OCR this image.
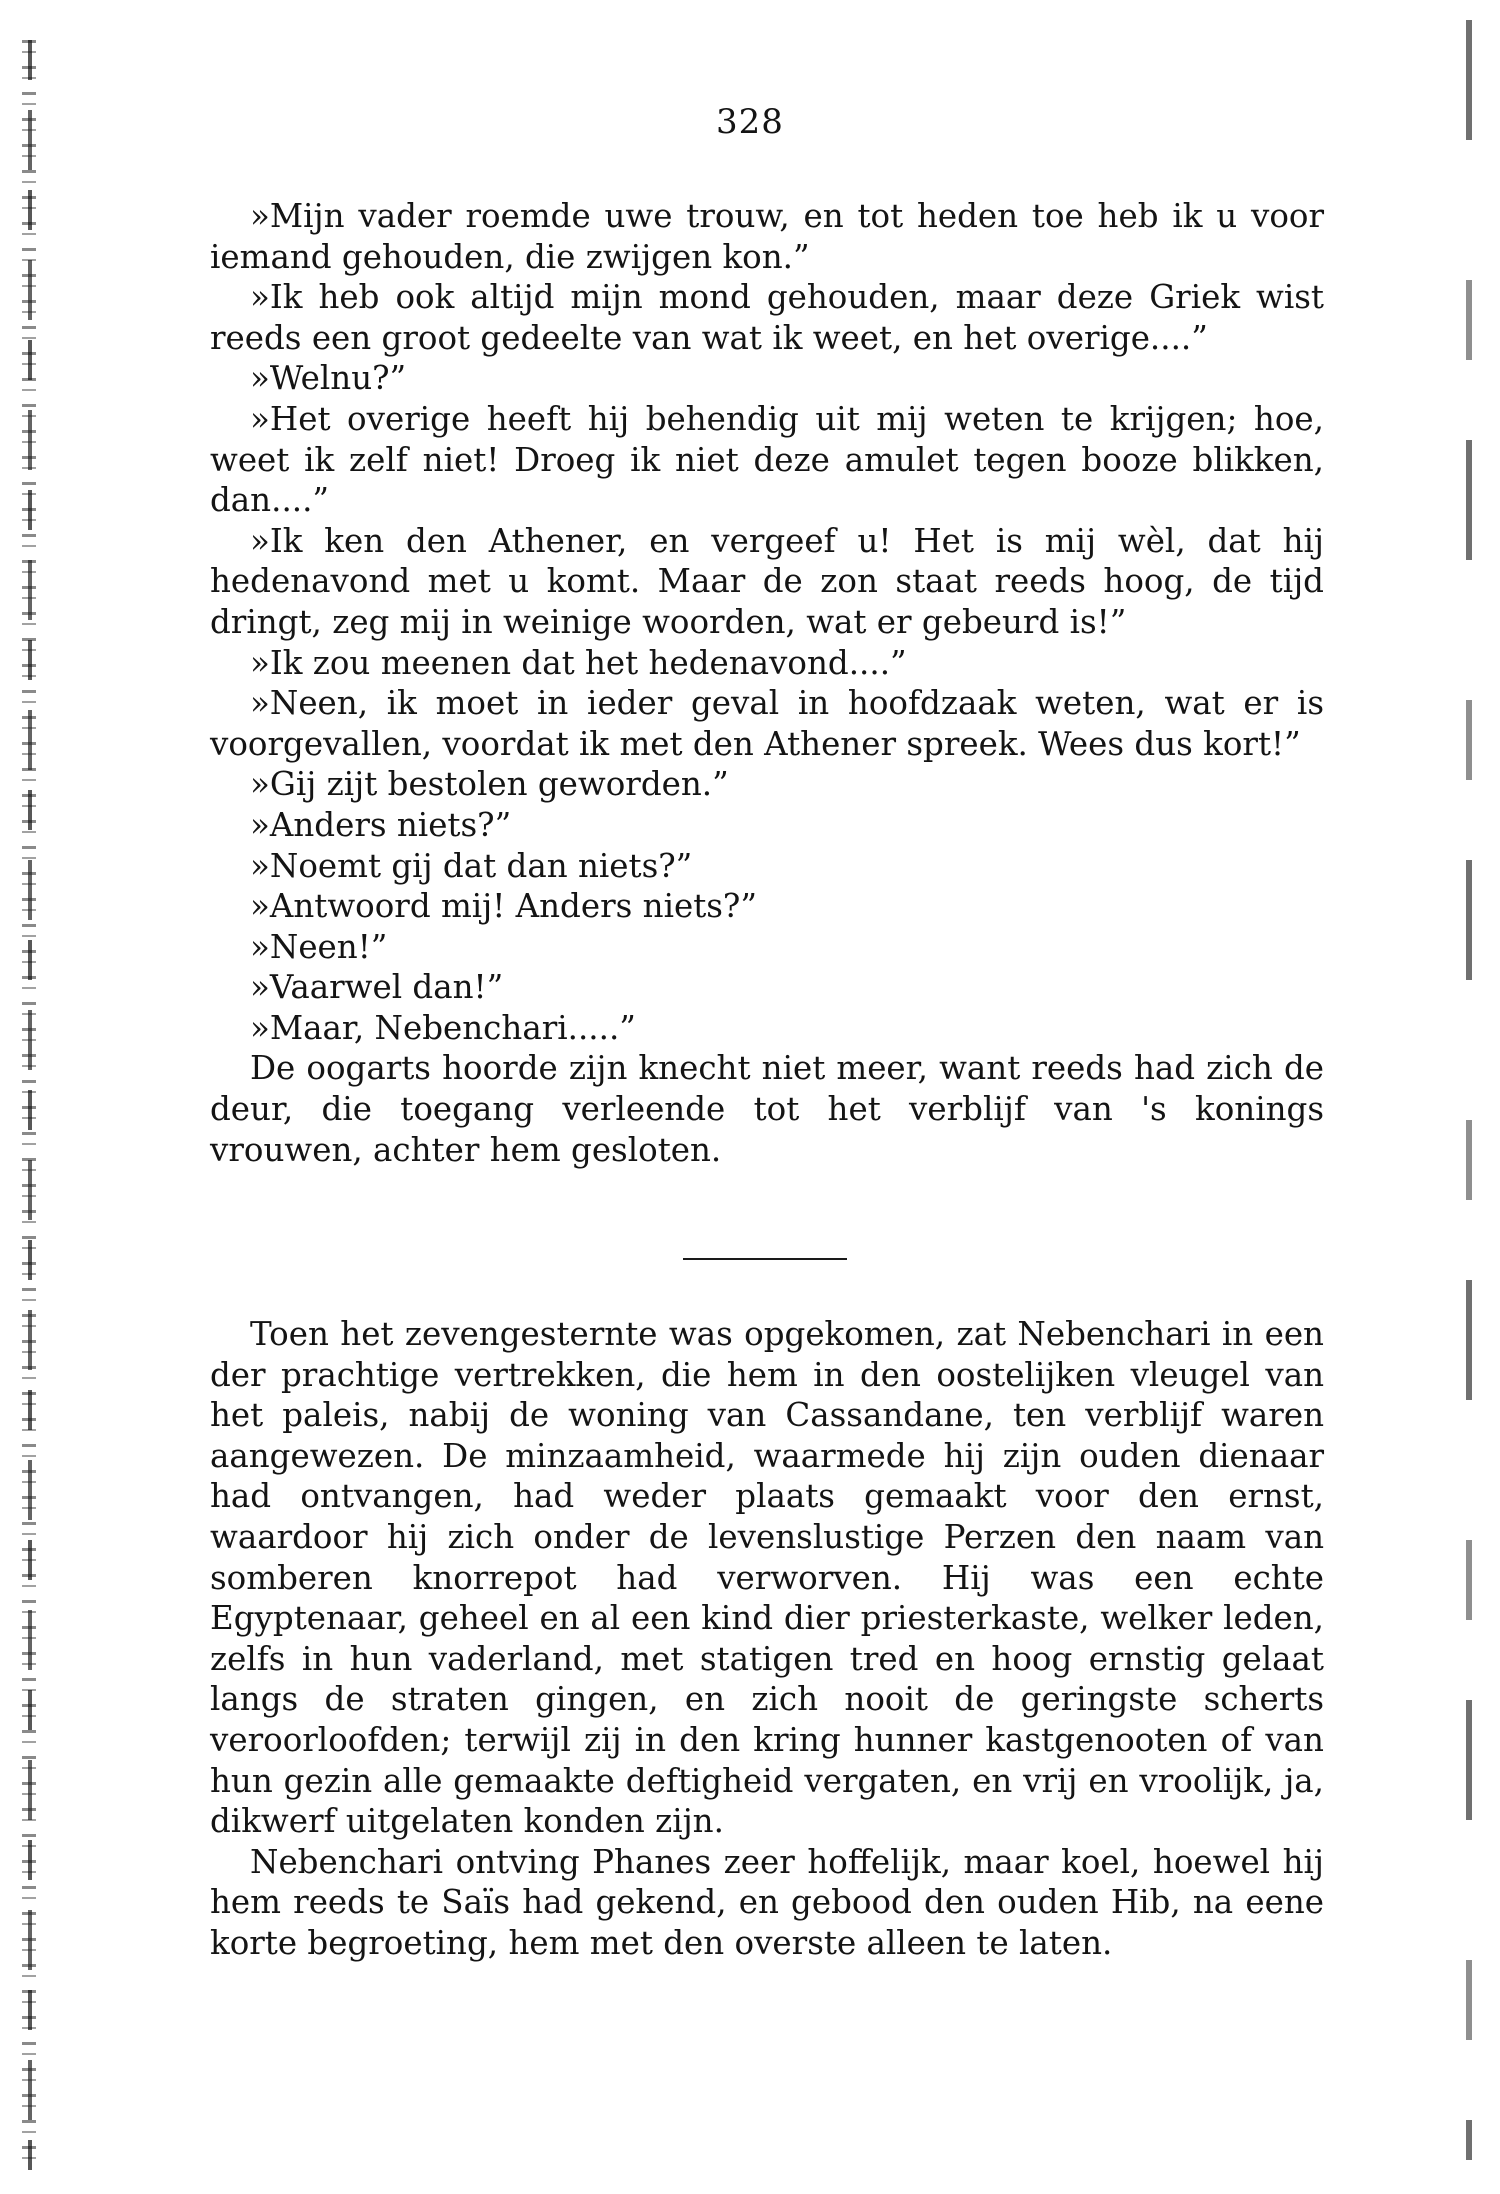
328

»Mijn vader roemde uwe trouw, en tot heden toe heb ik u voor iemand gehouden, die zwijgen kon.”

»Ik heb ook altijd mijn mond gehouden, maar deze Griek wist reeds een groot gedeelte van wat ik weet, en het overige....”

»Welnu?”

»Het overige heeft hij behendig uit mij weten te krijgen; hoe, weet ik zelf niet! Droeg ik niet deze amulet tegen booze blikken, dan....”

»Ik ken den Athener, en vergeef u! Het is mij wèl, dat hij hedenavond met u komt. Maar de zon staat reeds hoog, de tijd dringt, zeg mij in weinige woorden, wat er gebeurd is!”

»Ik zou meenen dat het hedenavond....”

»Neen, ik moet in ieder geval in hoofdzaak weten, wat er is voorgevallen, voordat ik met den Athener spreek. Wees dus kort!”

»Gij zijt bestolen geworden.”

»Anders niets?”

»Noemt gij dat dan niets?”

»Antwoord mij! Anders niets?”

»Neen!”

»Vaarwel dan!”

»Maar, Nebenchari.....”

De oogarts hoorde zijn knecht niet meer, want reeds had zich de deur, die toegang verleende tot het verblijf van 's konings vrouwen, achter hem gesloten.

Toen het zevengesternte was opgekomen, zat Nebenchari in een der prachtige vertrekken, die hem in den oostelijken vleugel van het paleis, nabij de woning van Cassandane, ten verblijf waren aangewezen. De minzaamheid, waarmede hij zijn ouden dienaar had ontvangen, had weder plaats gemaakt voor den ernst, waardoor hij zich onder de levenslustige Perzen den naam van somberen knorrepot had verworven. Hij was een echte Egyptenaar, geheel en al een kind dier priesterkaste, welker leden, zelfs in hun vaderland, met statigen tred en hoog ernstig gelaat langs de straten gingen, en zich nooit de geringste scherts veroorloofden; terwijl zij in den kring hunner kastgenooten of van hun gezin alle gemaakte deftigheid vergaten, en vrij en vroolijk, ja, dikwerf uitgelaten konden zijn.

Nebenchari ontving Phanes zeer hoffelijk, maar koel, hoewel hij hem reeds te Saïs had gekend, en gebood den ouden Hib, na eene korte begroeting, hem met den overste alleen te laten.
